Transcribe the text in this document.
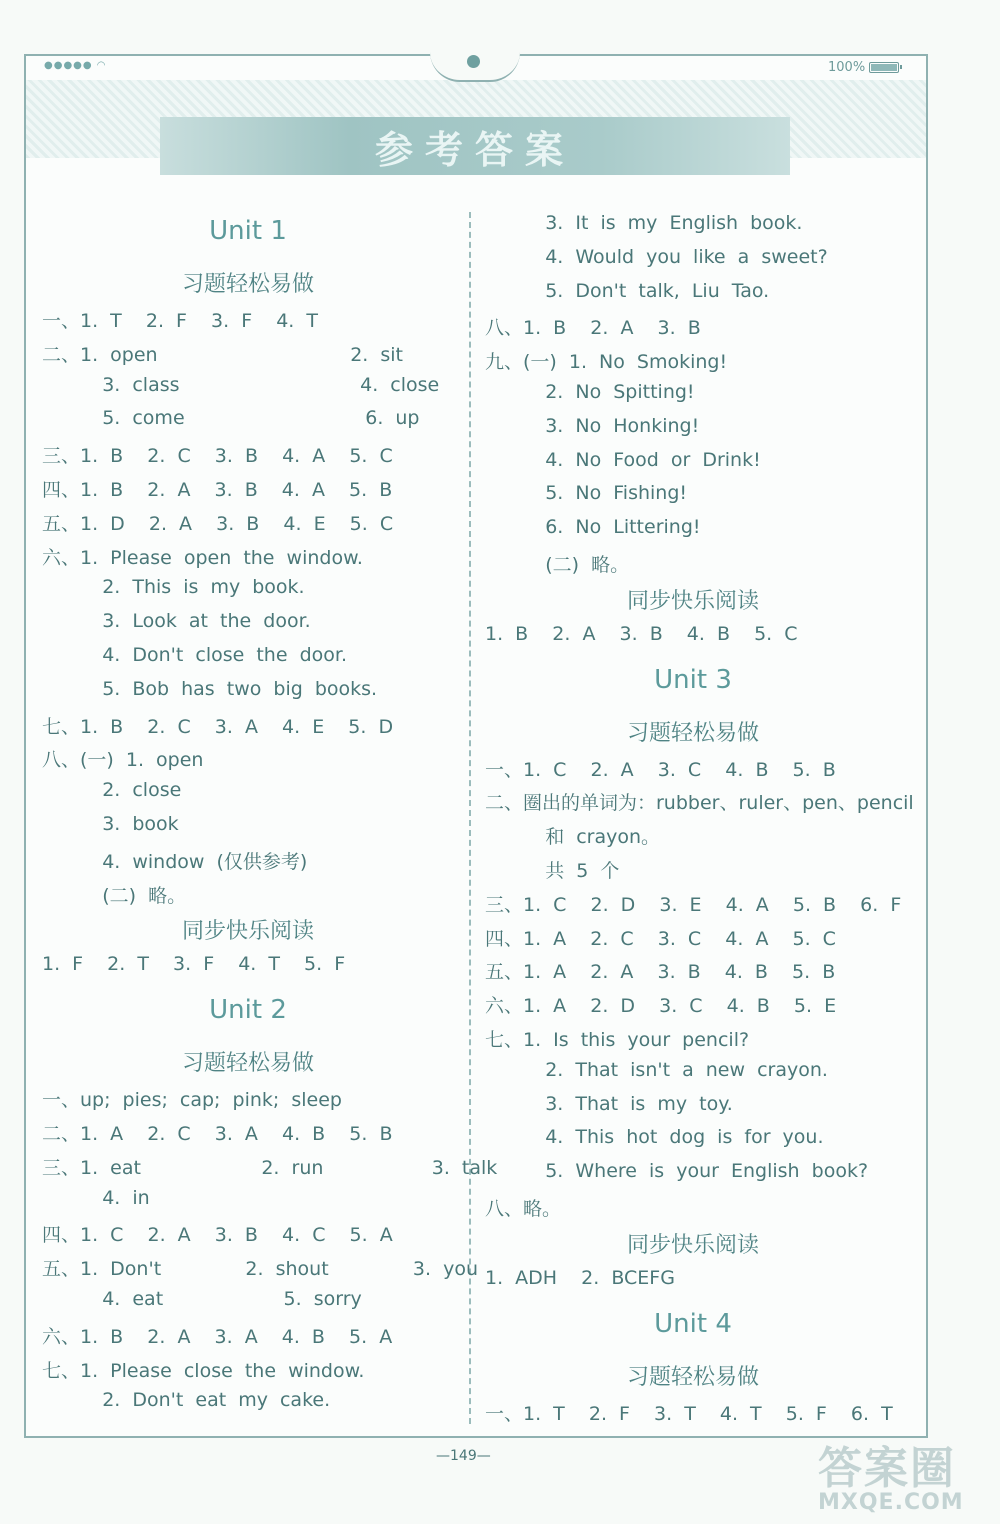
●●●●● ◠	100%
参考答案
Unit 1
习题轻松易做
一、1. T  2. F  3. F  4. T
二、1. open                2. sit
3. class               4. close
5. come               6. up
三、1. B  2. C  3. B  4. A  5. C
四、1. B  2. A  3. B  4. A  5. B
五、1. D  2. A  3. B  4. E  5. C
六、1. Please open the window.
2. This is my book.
3. Look at the door.
4. Don't close the door.
5. Bob has two big books.
七、1. B  2. C  3. A  4. E  5. D
八、(一) 1. open
2. close
3. book
4. window (仅供参考)
(二) 略。
同步快乐阅读
1. F  2. T  3. F  4. T  5. F
Unit 2
习题轻松易做
一、up; pies; cap; pink; sleep
二、1. A  2. C  3. A  4. B  5. B
三、1. eat          2. run         3. talk
4. in
四、1. C  2. A  3. B  4. C  5. A
五、1. Don't       2. shout       3. you
4. eat          5. sorry
六、1. B  2. A  3. A  4. B  5. A
七、1. Please close the window.
2. Don't eat my cake.
3. It is my English book.
4. Would you like a sweet?
5. Don't talk, Liu Tao.
八、1. B  2. A  3. B
九、(一) 1. No Smoking!
2. No Spitting!
3. No Honking!
4. No Food or Drink!
5. No Fishing!
6. No Littering!
(二) 略。
同步快乐阅读
1. B  2. A  3. B  4. B  5. C
Unit 3
习题轻松易做
一、1. C  2. A  3. C  4. B  5. B
二、圈出的单词为：rubber、ruler、pen、pencil
和 crayon。
共 5 个
三、1. C  2. D  3. E  4. A  5. B  6. F
四、1. A  2. C  3. C  4. A  5. C
五、1. A  2. A  3. B  4. B  5. B
六、1. A  2. D  3. C  4. B  5. E
七、1. Is this your pencil?
2. That isn't a new crayon.
3. That is my toy.
4. This hot dog is for you.
5. Where is your English book?
八、略。
同步快乐阅读
1. ADH  2. BCEFG
Unit 4
习题轻松易做
一、1. T  2. F  3. T  4. T  5. F  6. T
—149—	答案圈
MXQE.COM
